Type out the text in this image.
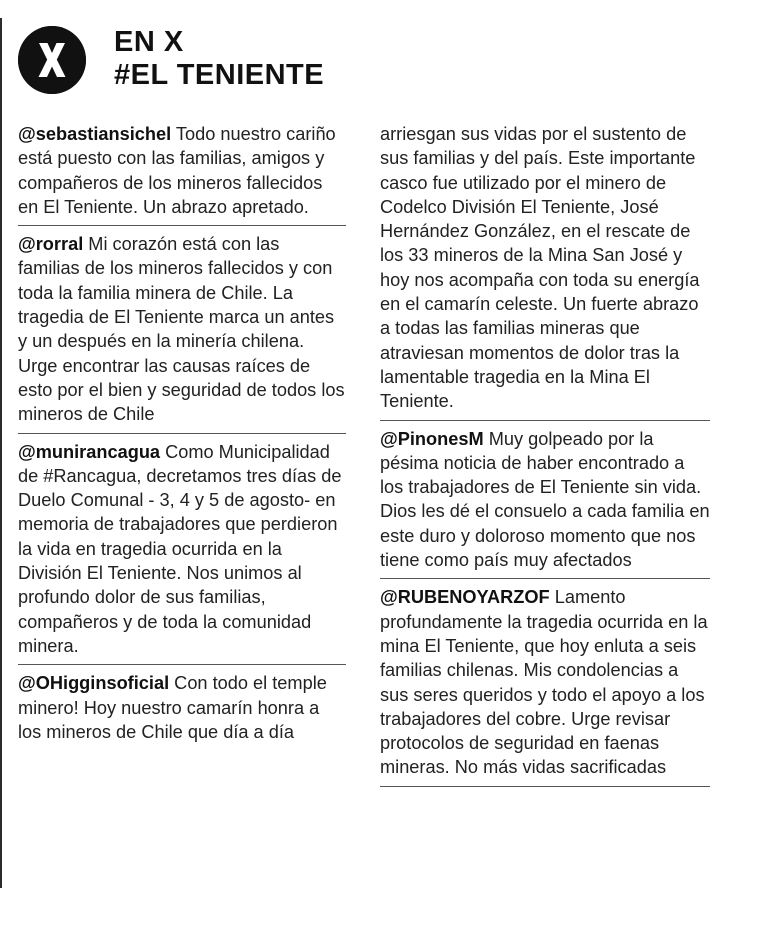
EN X
#EL TENIENTE
@sebastiansichel Todo nuestro cariño está puesto con las familias, amigos y compañeros de los mineros fallecidos en El Teniente. Un abrazo apretado.
@rorral Mi corazón está con las familias de los mineros fallecidos y con toda la familia minera de Chile. La tragedia de El Teniente marca un antes y un después en la minería chilena. Urge encontrar las causas raíces de esto por el bien y seguridad de todos los mineros de Chile
@munirancagua Como Municipalidad de #Rancagua, decretamos tres días de Duelo Comunal - 3, 4 y 5 de agosto- en memoria de trabajadores que perdieron la vida en tragedia ocurrida en la División El Teniente. Nos unimos al profundo dolor de sus familias, compañeros y de toda la comunidad minera.
@OHigginsoficial Con todo el temple minero! Hoy nuestro camarín honra a los mineros de Chile que día a día
arriesgan sus vidas por el sustento de sus familias y del país. Este importante casco fue utilizado por el minero de Codelco División El Teniente, José Hernández González, en el rescate de los 33 mineros de la Mina San José y hoy nos acompaña con toda su energía en el camarín celeste. Un fuerte abrazo a todas las familias mineras que atraviesan momentos de dolor tras la lamentable tragedia en la Mina El Teniente.
@PinonesM Muy golpeado por la pésima noticia de haber encontrado a los trabajadores de El Teniente sin vida. Dios les dé el consuelo a cada familia en este duro y doloroso momento que nos tiene como país muy afectados
@RUBENOYARZOF Lamento profundamente la tragedia ocurrida en la mina El Teniente, que hoy enluta a seis familias chilenas. Mis condolencias a sus seres queridos y todo el apoyo a los trabajadores del cobre. Urge revisar protocolos de seguridad en faenas mineras. No más vidas sacrificadas
